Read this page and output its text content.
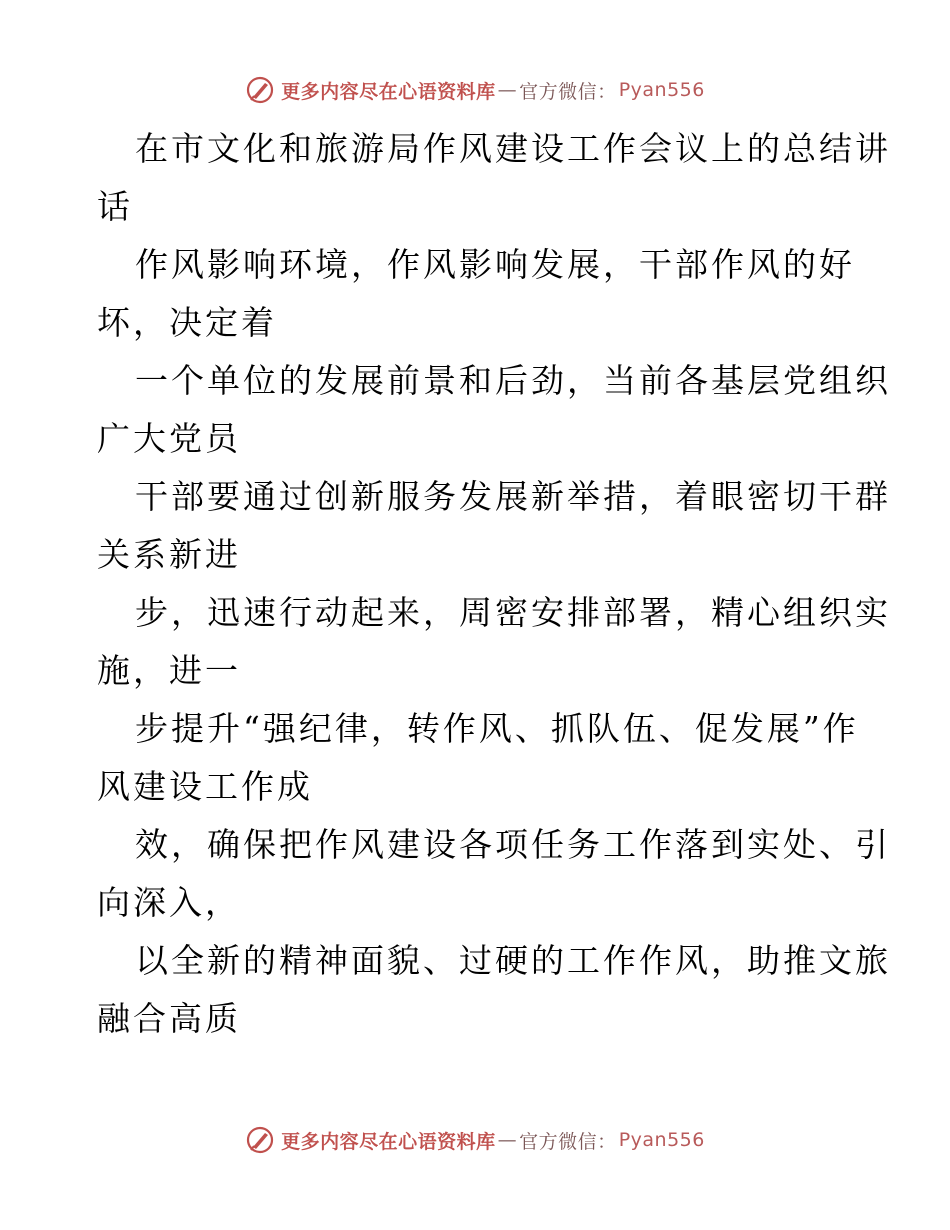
更多内容尽在心语资料库 — 官方微信： Pyan556
在市文化和旅游局作风建设工作会议上的总结讲
话
作风影响环境，作风影响发展，干部作风的好
坏，决定着
一个单位的发展前景和后劲，当前各基层党组织
广大党员
干部要通过创新服务发展新举措，着眼密切干群
关系新进
步，迅速行动起来，周密安排部署，精心组织实
施，进一
步提升“强纪律，转作风、抓队伍、促发展”作
风建设工作成
效，确保把作风建设各项任务工作落到实处、引
向深入，
以全新的精神面貌、过硬的工作作风，助推文旅
融合高质
更多内容尽在心语资料库 — 官方微信： Pyan556
